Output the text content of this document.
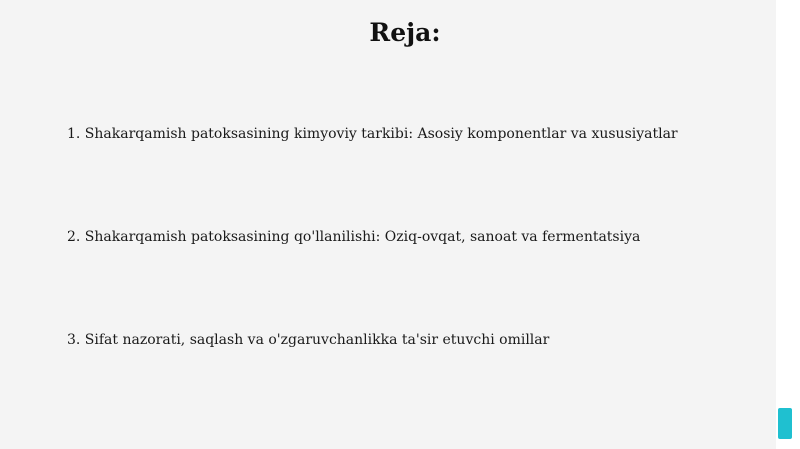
Reja:

1. Shakarqamish patoksasining kimyoviy tarkibi: Asosiy komponentlar va xususiyatlar

2. Shakarqamish patoksasining qo'llanilishi: Oziq-ovqat, sanoat va fermentatsiya

3. Sifat nazorati, saqlash va o'zgaruvchanlikka ta'sir etuvchi omillar
